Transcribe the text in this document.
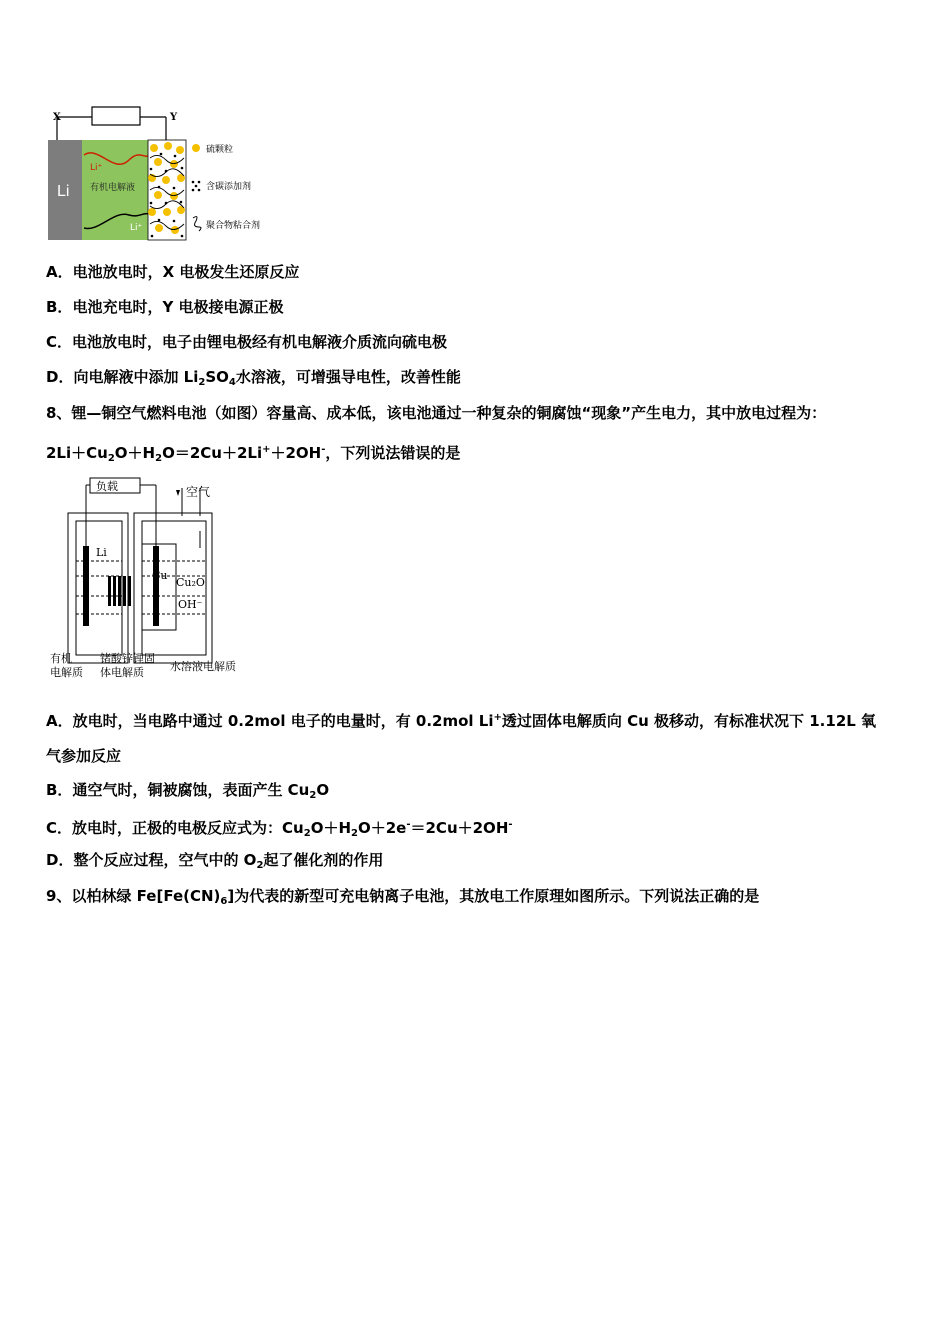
X	Y
Li
Li⁺
有机电解液
Li⁺
硫颗粒
含碳添加剂
聚合物粘合剂
A．电池放电时，X 电极发生还原反应
B．电池充电时，Y 电极接电源正极
C．电池放电时，电子由锂电极经有机电解液介质流向硫电极
D．向电解液中添加 $Li_2SO_4$水溶液，可增强导电性，改善性能
8、锂—铜空气燃料电池（如图）容量高、成本低，该电池通过一种复杂的铜腐蚀“现象”产生电力，其中放电过程为：
$2Li+Cu_2O+H_2O=2Cu+2Li^++2OH^-$，下列说法错误的是
负载	空气
Li
Cu
Cu₂O
OH⁻
有机
电解质
锗酸锌锂固
体电解质 水溶液电解质
A．放电时，当电路中通过 0.2mol 电子的电量时，有 0.2mol Li+透过固体电解质向 Cu 极移动，有标准状况下 1.12L 氧
气参加反应
B．通空气时，铜被腐蚀，表面产生 $Cu_2O$
C．放电时，正极的电极反应式为：$Cu_2O+H_2O+2e^-=2Cu+2OH^-$
D．整个反应过程，空气中的 $O_2$起了催化剂的作用
9、以柏林绿 $Fe[Fe(CN)_6]$为代表的新型可充电钠离子电池，其放电工作原理如图所示。下列说法正确的是
